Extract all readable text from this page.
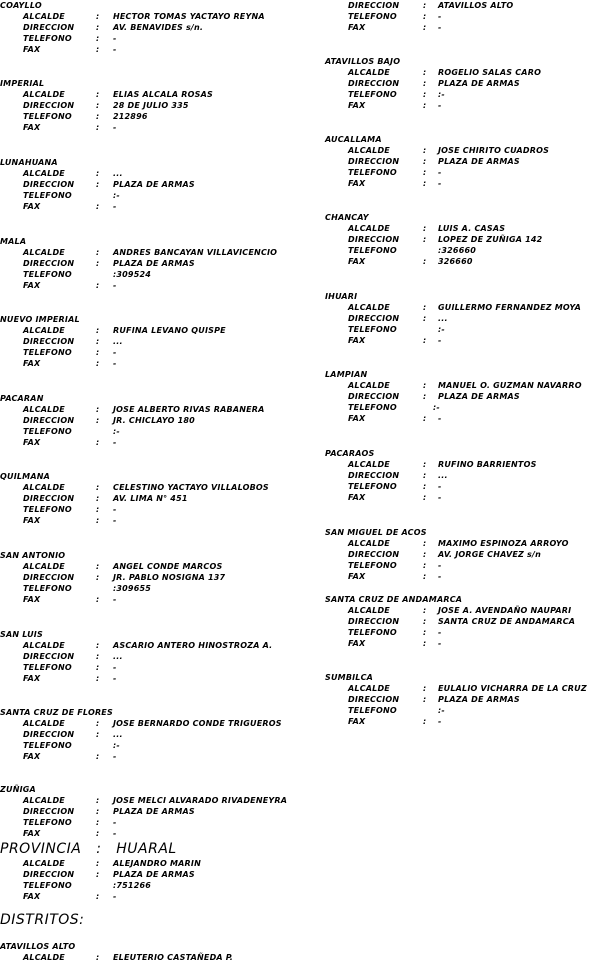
COAYLLO
ALCALDE	: HECTOR TOMAS YACTAYO REYNA
DIRECCION	: AV. BENAVIDES s/n.
TELEFONO	: -
FAX	: -
IMPERIAL
ALCALDE	: ELIAS ALCALA ROSAS
DIRECCION	: 28 DE JULIO 335
TELEFONO	: 212896
FAX	: -
LUNAHUANA
ALCALDE	: ...
DIRECCION	: PLAZA DE ARMAS
TELEFONO	:-
FAX	: -
MALA
ALCALDE	: ANDRES BANCAYAN VILLAVICENCIO
DIRECCION	: PLAZA DE ARMAS
TELEFONO	:309524
FAX	: -
NUEVO IMPERIAL
ALCALDE	: RUFINA LEVANO QUISPE
DIRECCION	: ...
TELEFONO	: -
FAX	: -
PACARAN
ALCALDE	: JOSE ALBERTO RIVAS RABANERA
DIRECCION	: JR. CHICLAYO 180
TELEFONO	:-
FAX	: -
QUILMANA
ALCALDE	: CELESTINO YACTAYO VILLALOBOS
DIRECCION	: AV. LIMA N° 451
TELEFONO	: -
FAX	: -
SAN ANTONIO
ALCALDE	: ANGEL CONDE MARCOS
DIRECCION	: JR. PABLO NOSIGNA 137
TELEFONO	:309655
FAX	: -
SAN LUIS
ALCALDE	: ASCARIO ANTERO HINOSTROZA A.
DIRECCION	: ...
TELEFONO	: -
FAX	: -
SANTA CRUZ DE FLORES
ALCALDE	: JOSE BERNARDO CONDE TRIGUEROS
DIRECCION	: ...
TELEFONO	:-
FAX	: -
ZUÑIGA
ALCALDE	: JOSE MELCI ALVARADO RIVADENEYRA
DIRECCION	: PLAZA DE ARMAS
TELEFONO	: -
FAX	: -
PROVINCIA   :   HUARAL
ALCALDE	: ALEJANDRO MARIN
DIRECCION	: PLAZA DE ARMAS
TELEFONO	:751266
FAX	: -
DISTRITOS:
ATAVILLOS ALTO
ALCALDE	: ELEUTERIO CASTAÑEDA P.
DIRECCION	: ATAVILLOS ALTO
TELEFONO	: -
FAX	: -
ATAVILLOS BAJO
ALCALDE	: ROGELIO SALAS CARO
DIRECCION	: PLAZA DE ARMAS
TELEFONO	: :-
FAX	: -
AUCALLAMA
ALCALDE	: JOSE CHIRITO CUADROS
DIRECCION	: PLAZA DE ARMAS
TELEFONO	: -
FAX	: -
CHANCAY
ALCALDE	: LUIS A. CASAS
DIRECCION	: LOPEZ DE ZUÑIGA 142
TELEFONO	:326660
FAX	: 326660
IHUARI
ALCALDE	: GUILLERMO FERNANDEZ MOYA
DIRECCION	: ...
TELEFONO	:-
FAX	: -
LAMPIAN
ALCALDE	: MANUEL O. GUZMAN NAVARRO
DIRECCION	: PLAZA DE ARMAS
TELEFONO	:-
FAX	: -
PACARAOS
ALCALDE	: RUFINO BARRIENTOS
DIRECCION	: ...
TELEFONO	: -
FAX	: -
SAN MIGUEL DE ACOS
ALCALDE	: MAXIMO ESPINOZA ARROYO
DIRECCION	: AV. JORGE CHAVEZ s/n
TELEFONO	: -
FAX	: -
SANTA CRUZ DE ANDAMARCA
ALCALDE	: JOSE A. AVENDAÑO NAUPARI
DIRECCION	: SANTA CRUZ DE ANDAMARCA
TELEFONO	: -
FAX	: -
SUMBILCA
ALCALDE	: EULALIO VICHARRA DE LA CRUZ
DIRECCION	: PLAZA DE ARMAS
TELEFONO	:-
FAX	: -
